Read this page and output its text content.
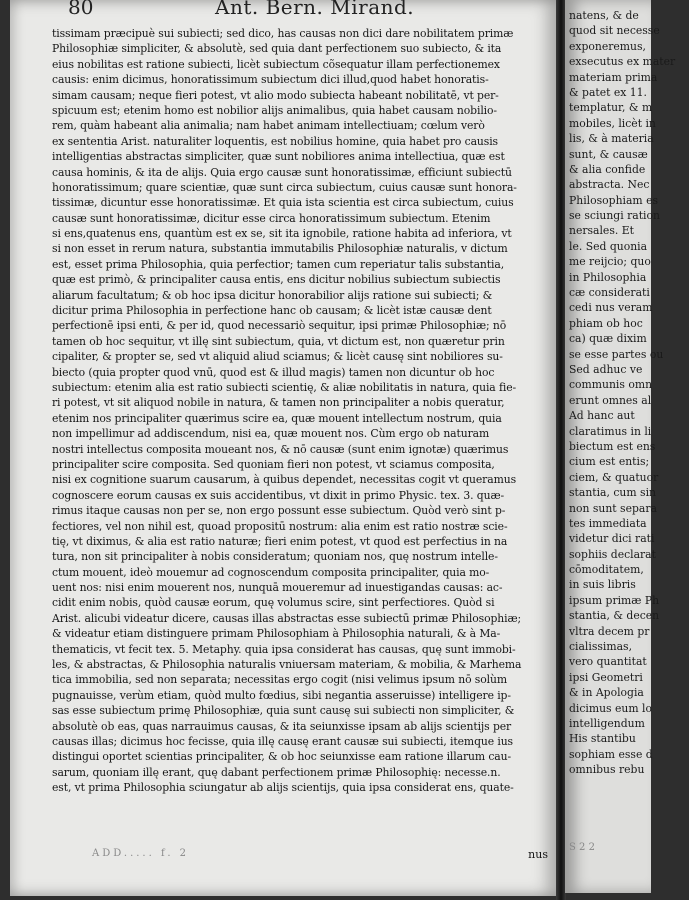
80	Ant. Bern. Mirand.
tissimam præcipuè sui subiecti; sed dico, has causas non dici dare nobilitatem primæ
Philosophiæ simpliciter, & absolutè, sed quia dant perfectionem suo subiecto, & ita
eius nobilitas est ratione subiecti, licèt subiectum cõsequatur illam perfectionemex
causis: enim dicimus, honoratissimum subiectum dici illud,quod habet honoratis-
simam causam; neque fieri potest, vt alio modo subiecta habeant nobilitatē, vt per-
spicuum est; etenim homo est nobilior alijs animalibus, quia habet causam nobilio-
rem, quàm habeant alia animalia; nam habet animam intellectiuam; cœlum verò
ex sententia Arist. naturaliter loquentis, est nobilius homine, quia habet pro causis
intelligentias abstractas simpliciter, quæ sunt nobiliores anima intellectiua, quæ est
causa hominis, & ita de alijs. Quia ergo causæ sunt honoratissimæ, efficiunt subiectū
honoratissimum; quare scientiæ, quæ sunt circa subiectum, cuius causæ sunt honora-
tissimæ, dicuntur esse honoratissimæ. Et quia ista scientia est circa subiectum, cuius
causæ sunt honoratissimæ, dicitur esse circa honoratissimum subiectum. Etenim
si ens,quatenus ens, quantùm est ex se, sit ita ignobile, ratione habita ad inferiora, vt
si non esset in rerum natura, substantia immutabilis Philosophiæ naturalis, v dictum
est, esset prima Philosophia, quia perfectior; tamen cum reperiatur talis substantia,
quæ est primò, & principaliter causa entis, ens dicitur nobilius subiectum subiectis
aliarum facultatum; & ob hoc ipsa dicitur honorabilior alijs ratione sui subiecti; &
dicitur prima Philosophia in perfectione hanc ob causam; & licèt istæ causæ dent
perfectionē ipsi enti, & per id, quod necessariò sequitur, ipsi primæ Philosophiæ; nō
tamen ob hoc sequitur, vt illę sint subiectum, quia, vt dictum est, non quæretur prin
cipaliter, & propter se, sed vt aliquid aliud sciamus; & licèt causę sint nobiliores su-
biecto (quia propter quod vnū, quod est & illud magis) tamen non dicuntur ob hoc
subiectum: etenim alia est ratio subiecti scientię, & aliæ nobilitatis in natura, quia fie-
ri potest, vt sit aliquod nobile in natura, & tamen non principaliter a nobis queratur,
etenim nos principaliter quærimus scire ea, quæ mouent intellectum nostrum, quia
non impellimur ad addiscendum, nisi ea, quæ mouent nos. Cùm ergo ob naturam
nostri intellectus composita moueant nos, & nō causæ (sunt enim ignotæ) quærimus
principaliter scire composita. Sed quoniam fieri non potest, vt sciamus composita,
nisi ex cognitione suarum causarum, à quibus dependet, necessitas cogit vt queramus
cognoscere eorum causas ex suis accidentibus, vt dixit in primo Physic. tex. 3. quæ-
rimus itaque causas non per se, non ergo possunt esse subiectum. Quòd verò sint p-
fectiores, vel non nihil est, quoad propositū nostrum: alia enim est ratio nostræ scie-
tię, vt diximus, & alia est ratio naturæ; fieri enim potest, vt quod est perfectius in na
tura, non sit principaliter à nobis consideratum; quoniam nos, quę nostrum intelle-
ctum mouent, ideò mouemur ad cognoscendum composita principaliter, quia mo-
uent nos: nisi enim mouerent nos, nunquā moueremur ad inuestigandas causas: ac-
cidit enim nobis, quòd causæ eorum, quę volumus scire, sint perfectiores. Quòd si
Arist. alicubi videatur dicere, causas illas abstractas esse subiectū primæ Philosophiæ;
& videatur etiam distinguere primam Philosophiam à Philosophia naturali, & à Ma-
thematicis, vt fecit tex. 5. Metaphy. quia ipsa considerat has causas, quę sunt immobi-
les, & abstractas, & Philosophia naturalis vniuersam materiam, & mobilia, & Marhema
tica immobilia, sed non separata; necessitas ergo cogit (nisi velimus ipsum nō solùm
pugnauisse, verùm etiam, quòd multo fœdius, sibi negantia asseruisse) intelligere ip-
sas esse subiectum primę Philosophiæ, quia sunt causę sui subiecti non simpliciter, &
absolutè ob eas, quas narrauimus causas, & ita seiunxisse ipsam ab alijs scientijs per
causas illas; dicimus hoc fecisse, quia illę causę erant causæ sui subiecti, itemque ius
distingui oportet scientias principaliter, & ob hoc seiunxisse eam ratione illarum cau-
sarum, quoniam illę erant, quę dabant perfectionem primæ Philosophię: necesse.n.
est, vt prima Philosophia sciungatur ab alijs scientijs, quia ipsa considerat ens, quate-
ADD..... f. 2	nus
natens, & de
quod sit necesse
exponeremus,
exsecutus ex mater
materiam prima
& patet ex 11.
templatur, & m
mobiles, licèt in
lis, & à materia
sunt, & causæ
& alia confide
abstracta. Nec
Philosophiam es
se sciungi ration
nersales. Et
le. Sed quonia
me reijcio; quo
in Philosophia
cæ considerati
cedi nus veram
phiam ob hoc
ca) quæ dixim
se esse partes ou
Sed adhuc ve
communis omn
erunt omnes al
Ad hanc aut
claratimus in li
biectum est ens
cium est entis;
ciem, & quatuor
stantia, cum sin
non sunt separa
tes immediata
videtur dici rati
sophiis declarat
cōmoditatem,
in suis libris
ipsum primæ Ph
stantia, & decen
vltra decem pr
cialissimas,
vero quantitat
ipsi Geometri
& in Apologia
dicimus eum lo
intelligendum
His stantibu
sophiam esse d
omnibus rebu
S 2 2
